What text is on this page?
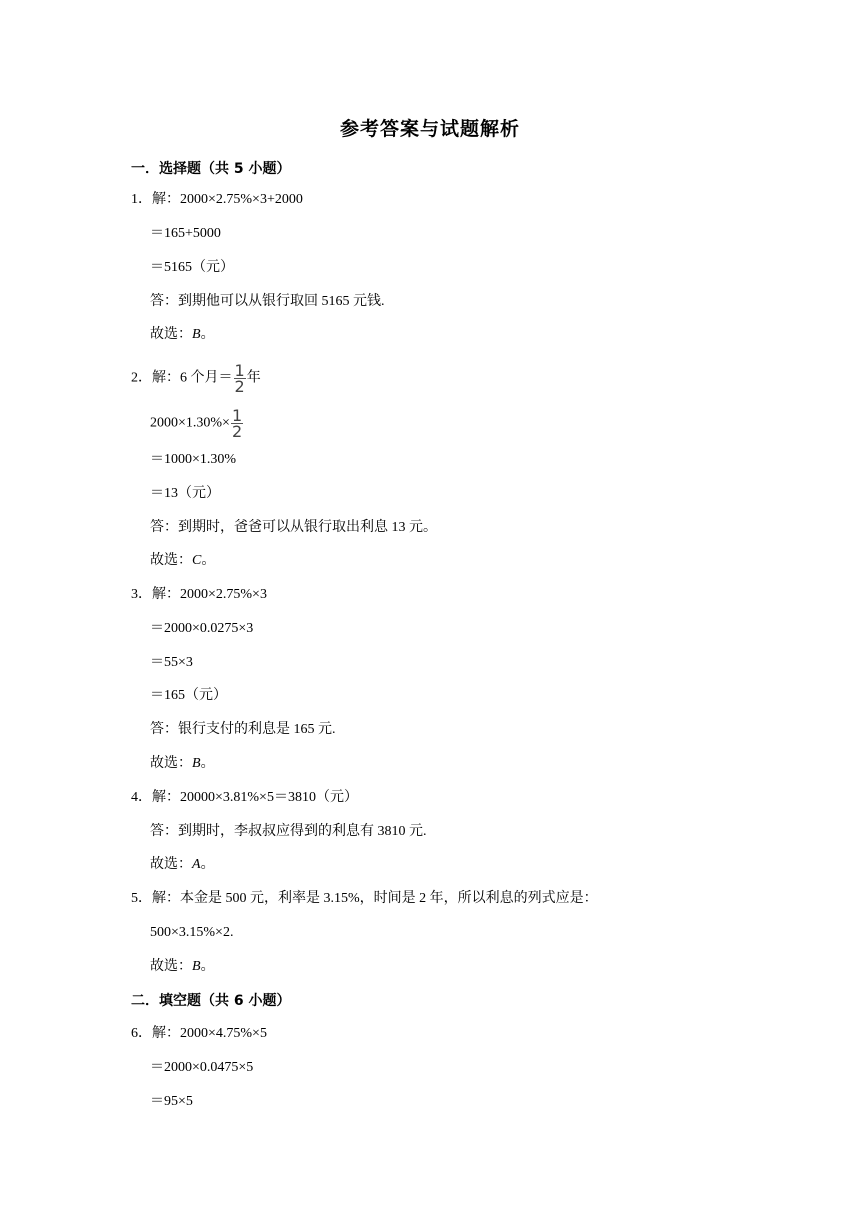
参考答案与试题解析
一．选择题（共 5 小题）
1．解：2000×2.75%×3+2000
＝165+5000
＝5165（元）
答：到期他可以从银行取回 5165 元钱.
故选：B。
2．解：6 个月＝ $\frac{1}{2}$ 年
$2000\times 1.30\%\times \frac{1}{2}$
＝1000×1.30%
＝13（元）
答：到期时，爸爸可以从银行取出利息 13 元。
故选：C。
3．解：2000×2.75%×3
＝2000×0.0275×3
＝55×3
＝165（元）
答：银行支付的利息是 165 元.
故选：B。
4．解：20000×3.81%×5＝3810（元）
答：到期时，李叔叔应得到的利息有 3810 元.
故选：A。
5．解：本金是 500 元，利率是 3.15%，时间是 2 年，所以利息的列式应是：
500×3.15%×2.
故选：B。
二．填空题（共 6 小题）
6．解：2000×4.75%×5
＝2000×0.0475×5
＝95×5
